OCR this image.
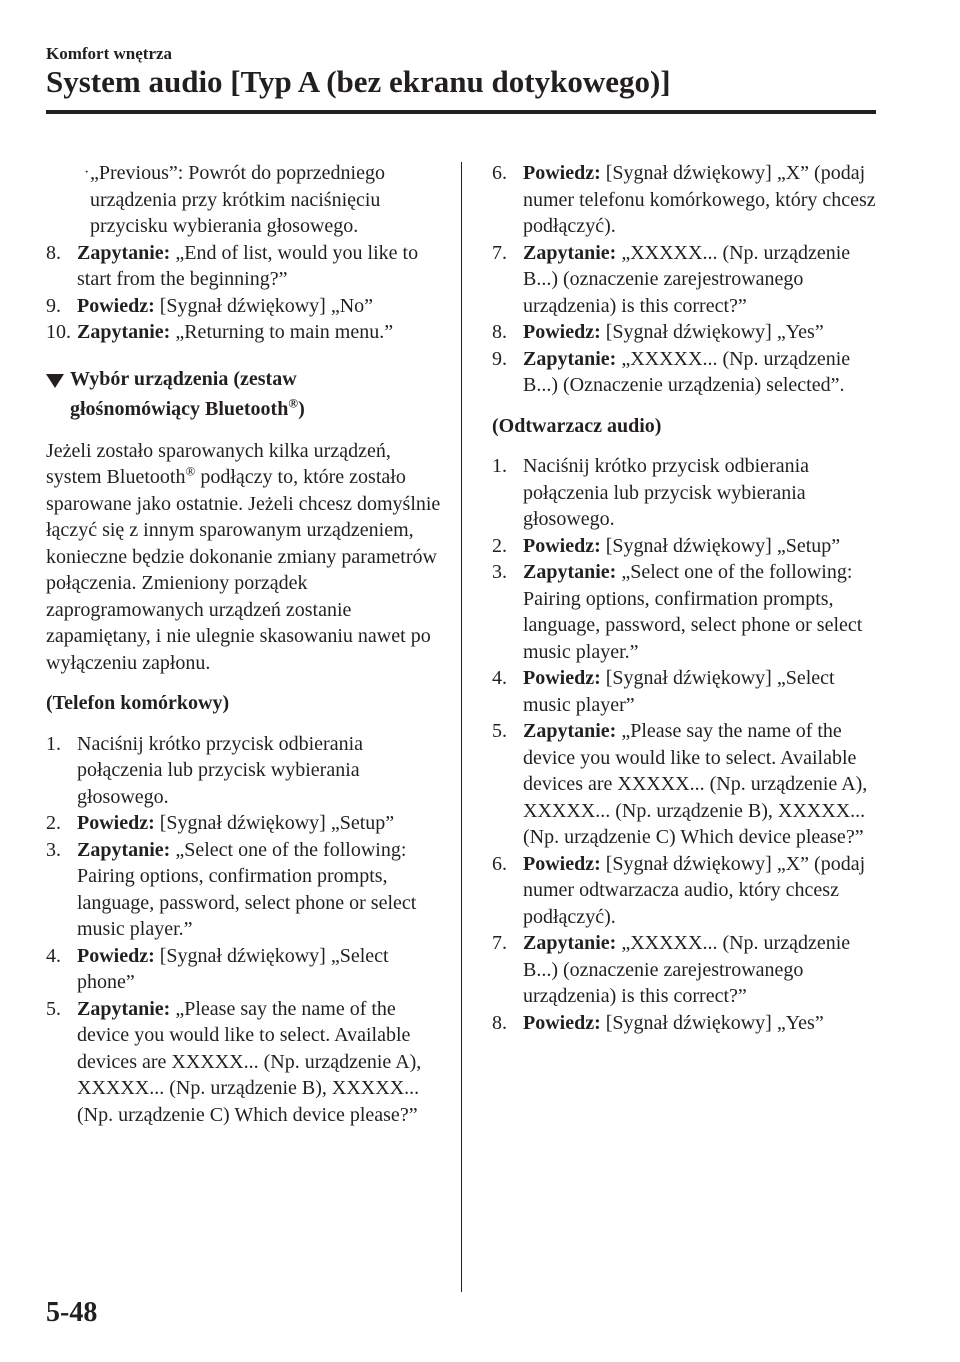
Komfort wnętrza
System audio [Typ A (bez ekranu dotykowego)]
· „Previous”: Powrót do poprzedniego urządzenia przy krótkim naciśnięciu przycisku wybierania głosowego.
8. Zapytanie: „End of list, would you like to start from the beginning?”
9. Powiedz: [Sygnał dźwiękowy] „No”
10. Zapytanie: „Returning to main menu.”
Wybór urządzenia (zestaw
głośnomówiący Bluetooth®)
Jeżeli zostało sparowanych kilka urządzeń, system Bluetooth® podłączy to, które zostało sparowane jako ostatnie. Jeżeli chcesz domyślnie łączyć się z innym sparowanym urządzeniem, konieczne będzie dokonanie zmiany parametrów połączenia. Zmieniony porządek zaprogramowanych urządzeń zostanie zapamiętany, i nie ulegnie skasowaniu nawet po wyłączeniu zapłonu.
(Telefon komórkowy)
1. Naciśnij krótko przycisk odbierania połączenia lub przycisk wybierania głosowego.
2. Powiedz: [Sygnał dźwiękowy] „Setup”
3. Zapytanie: „Select one of the following: Pairing options, confirmation prompts, language, password, select phone or select music player.”
4. Powiedz: [Sygnał dźwiękowy] „Select phone”
5. Zapytanie: „Please say the name of the device you would like to select. Available devices are XXXXX... (Np. urządzenie A), XXXXX... (Np. urządzenie B), XXXXX... (Np. urządzenie C) Which device please?”
6. Powiedz: [Sygnał dźwiękowy] „X” (podaj numer telefonu komórkowego, który chcesz podłączyć).
7. Zapytanie: „XXXXX... (Np. urządzenie B...) (oznaczenie zarejestrowanego urządzenia) is this correct?”
8. Powiedz: [Sygnał dźwiękowy] „Yes”
9. Zapytanie: „XXXXX... (Np. urządzenie B...) (Oznaczenie urządzenia) selected”.
(Odtwarzacz audio)
1. Naciśnij krótko przycisk odbierania połączenia lub przycisk wybierania głosowego.
2. Powiedz: [Sygnał dźwiękowy] „Setup”
3. Zapytanie: „Select one of the following: Pairing options, confirmation prompts, language, password, select phone or select music player.”
4. Powiedz: [Sygnał dźwiękowy] „Select music player”
5. Zapytanie: „Please say the name of the device you would like to select. Available devices are XXXXX... (Np. urządzenie A), XXXXX... (Np. urządzenie B), XXXXX... (Np. urządzenie C) Which device please?”
6. Powiedz: [Sygnał dźwiękowy] „X” (podaj numer odtwarzacza audio, który chcesz podłączyć).
7. Zapytanie: „XXXXX... (Np. urządzenie B...) (oznaczenie zarejestrowanego urządzenia) is this correct?”
8. Powiedz: [Sygnał dźwiękowy] „Yes”
5-48
